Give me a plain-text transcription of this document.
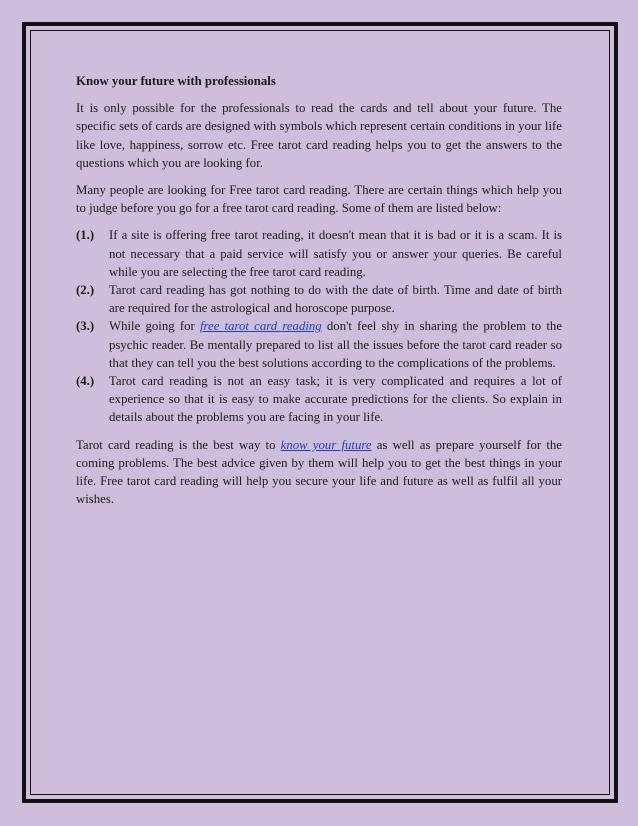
Know your future with professionals

It is only possible for the professionals to read the cards and tell about your future. The specific sets of cards are designed with symbols which represent certain conditions in your life like love, happiness, sorrow etc. Free tarot card reading helps you to get the answers to the questions which you are looking for.

Many people are looking for Free tarot card reading. There are certain things which help you to judge before you go for a free tarot card reading. Some of them are listed below:

(1.)	If a site is offering free tarot reading, it doesn't mean that it is bad or it is a scam. It is not necessary that a paid service will satisfy you or answer your queries. Be careful while you are selecting the free tarot card reading.
(2.)	Tarot card reading has got nothing to do with the date of birth. Time and date of birth are required for the astrological and horoscope purpose.
(3.)	While going for free tarot card reading don't feel shy in sharing the problem to the psychic reader. Be mentally prepared to list all the issues before the tarot card reader so that they can tell you the best solutions according to the complications of the problems.
(4.)	Tarot card reading is not an easy task; it is very complicated and requires a lot of experience so that it is easy to make accurate predictions for the clients. So explain in details about the problems you are facing in your life.

Tarot card reading is the best way to know your future as well as prepare yourself for the coming problems. The best advice given by them will help you to get the best things in your life. Free tarot card reading will help you secure your life and future as well as fulfil all your wishes.
